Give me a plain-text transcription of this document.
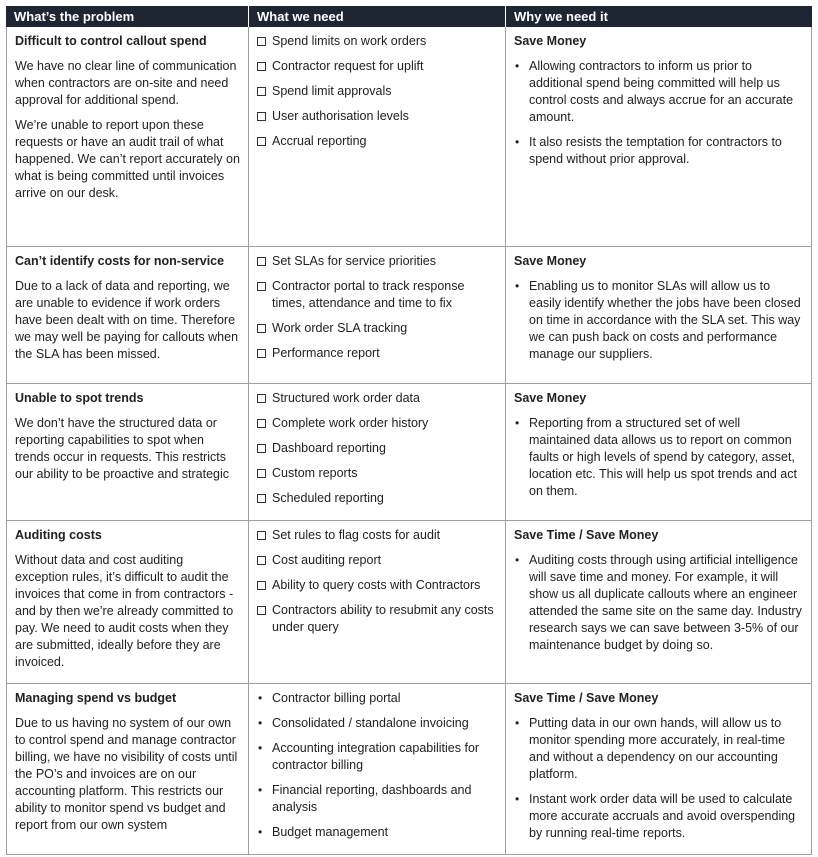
What’s the problem	What we need	Why we need it
Difficult to control callout spend
We have no clear line of communication when contractors are on-site and need approval for additional spend.
We’re unable to report upon these requests or have an audit trail of what happened. We can’t report accurately on what is being committed until invoices arrive on our desk.
Spend limits on work orders
Contractor request for uplift
Spend limit approvals
User authorisation levels
Accrual reporting
Save Money
• Allowing contractors to inform us prior to additional spend being committed will help us control costs and always accrue for an accurate amount.
• It also resists the temptation for contractors to spend without prior approval.
Can’t identify costs for non-service
Due to a lack of data and reporting, we are unable to evidence if work orders have been dealt with on time. Therefore we may well be paying for callouts when the SLA has been missed.
Set SLAs for service priorities
Contractor portal to track response times, attendance and time to fix
Work order SLA tracking
Performance report
Save Money
• Enabling us to monitor SLAs will allow us to easily identify whether the jobs have been closed on time in accordance with the SLA set. This way we can push back on costs and performance manage our suppliers.
Unable to spot trends
We don’t have the structured data or reporting capabilities to spot when trends occur in requests. This restricts our ability to be proactive and strategic
Structured work order data
Complete work order history
Dashboard reporting
Custom reports
Scheduled reporting
Save Money
• Reporting from a structured set of well maintained data allows us to report on common faults or high levels of spend by category, asset, location etc. This will help us spot trends and act on them.
Auditing costs
Without data and cost auditing exception rules, it’s difficult to audit the invoices that come in from contractors - and by then we’re already committed to pay. We need to audit costs when they are submitted, ideally before they are invoiced.
Set rules to flag costs for audit
Cost auditing report
Ability to query costs with Contractors
Contractors ability to resubmit any costs under query
Save Time / Save Money
• Auditing costs through using artificial intelligence will save time and money. For example, it will show us all duplicate callouts where an engineer attended the same site on the same day. Industry research says we can save between 3-5% of our maintenance budget by doing so.
Managing spend vs budget
Due to us having no system of our own to control spend and manage contractor billing, we have no visibility of costs until the PO’s and invoices are on our accounting platform. This restricts our ability to monitor spend vs budget and report from our own system
• Contractor billing portal
• Consolidated / standalone invoicing
• Accounting integration capabilities for contractor billing
• Financial reporting, dashboards and analysis
• Budget management
Save Time / Save Money
• Putting data in our own hands, will allow us to monitor spending more accurately, in real-time and without a dependency on our accounting platform.
• Instant work order data will be used to calculate more accurate accruals and avoid overspending by running real-time reports.
